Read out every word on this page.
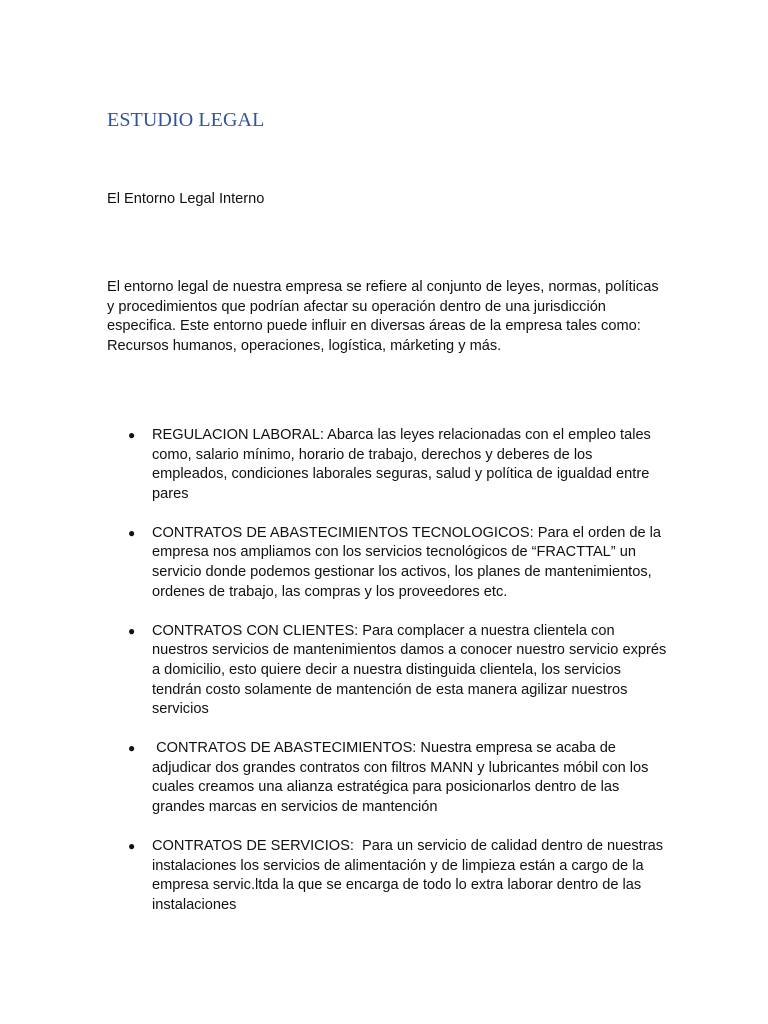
ESTUDIO LEGAL

El Entorno Legal Interno

El entorno legal de nuestra empresa se refiere al conjunto de leyes, normas, políticas y procedimientos que podrían afectar su operación dentro de una jurisdicción especifica. Este entorno puede influir en diversas áreas de la empresa tales como: Recursos humanos, operaciones, logística, márketing y más.

● REGULACION LABORAL: Abarca las leyes relacionadas con el empleo tales como, salario mínimo, horario de trabajo, derechos y deberes de los empleados, condiciones laborales seguras, salud y política de igualdad entre pares
● CONTRATOS DE ABASTECIMIENTOS TECNOLOGICOS: Para el orden de la empresa nos ampliamos con los servicios tecnológicos de “FRACTTAL” un servicio donde podemos gestionar los activos, los planes de mantenimientos, ordenes de trabajo, las compras y los proveedores etc.
● CONTRATOS CON CLIENTES: Para complacer a nuestra clientela con nuestros servicios de mantenimientos damos a conocer nuestro servicio exprés a domicilio, esto quiere decir a nuestra distinguida clientela, los servicios tendrán costo solamente de mantención de esta manera agilizar nuestros servicios
● CONTRATOS DE ABASTECIMIENTOS: Nuestra empresa se acaba de adjudicar dos grandes contratos con filtros MANN y lubricantes móbil con los cuales creamos una alianza estratégica para posicionarlos dentro de las grandes marcas en servicios de mantención
● CONTRATOS DE SERVICIOS:  Para un servicio de calidad dentro de nuestras instalaciones los servicios de alimentación y de limpieza están a cargo de la empresa servic.ltda la que se encarga de todo lo extra laborar dentro de las instalaciones
